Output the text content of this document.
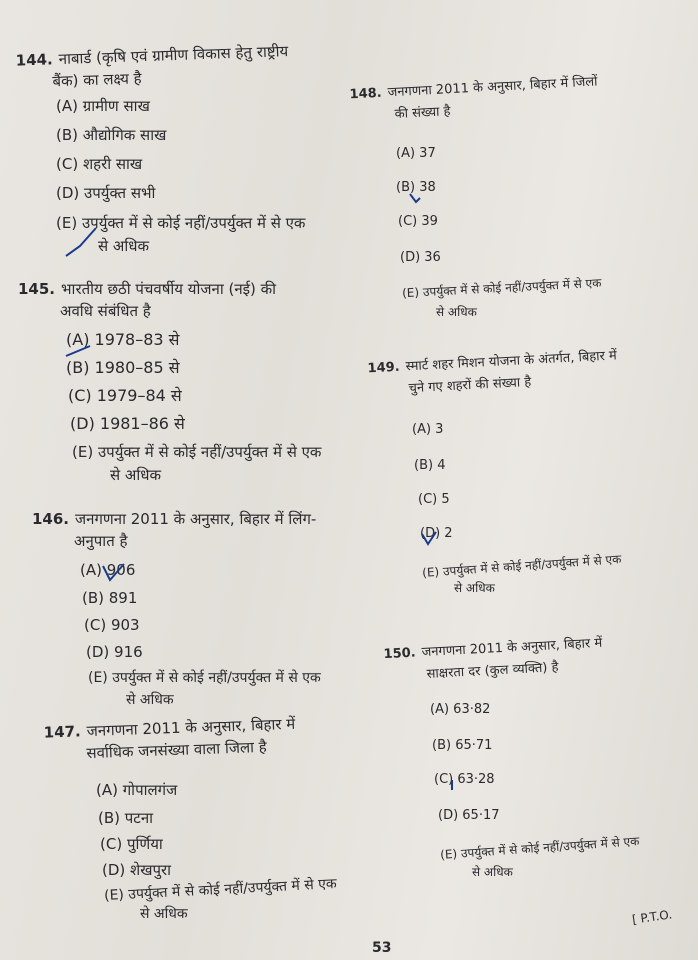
144. नाबार्ड (कृषि एवं ग्रामीण विकास हेतु राष्ट्रीय
बैंक) का लक्ष्य है
(A) ग्रामीण साख
(B) औद्योगिक साख
(C) शहरी साख
(D) उपर्युक्त सभी
(E) उपर्युक्त में से कोई नहीं/उपर्युक्त में से एक
से अधिक
145. भारतीय छठी पंचवर्षीय योजना (नई) की
अवधि संबंधित है
(A) 1978–83 से
(B) 1980–85 से
(C) 1979–84 से
(D) 1981–86 से
(E) उपर्युक्त में से कोई नहीं/उपर्युक्त में से एक
से अधिक
146. जनगणना 2011 के अनुसार, बिहार में लिंग-
अनुपात है
(A) 906
(B) 891
(C) 903
(D) 916
(E) उपर्युक्त में से कोई नहीं/उपर्युक्त में से एक
से अधिक
147. जनगणना 2011 के अनुसार, बिहार में
सर्वाधिक जनसंख्या वाला जिला है
(A) गोपालगंज
(B) पटना
(C) पुर्णिया
(D) शेखपुरा
(E) उपर्युक्त में से कोई नहीं/उपर्युक्त में से एक
से अधिक
148. जनगणना 2011 के अनुसार, बिहार में जिलों
की संख्या है
(A) 37
(B) 38
(C) 39
(D) 36
(E) उपर्युक्त में से कोई नहीं/उपर्युक्त में से एक
से अधिक
149. स्मार्ट शहर मिशन योजना के अंतर्गत, बिहार में
चुने गए शहरों की संख्या है
(A) 3
(B) 4
(C) 5
(D) 2
(E) उपर्युक्त में से कोई नहीं/उपर्युक्त में से एक
से अधिक
150. जनगणना 2011 के अनुसार, बिहार में
साक्षरता दर (कुल व्यक्ति) है
(A) 63·82
(B) 65·71
(C) 63·28
(D) 65·17
(E) उपर्युक्त में से कोई नहीं/उपर्युक्त में से एक
से अधिक
[ P.T.O.
53
